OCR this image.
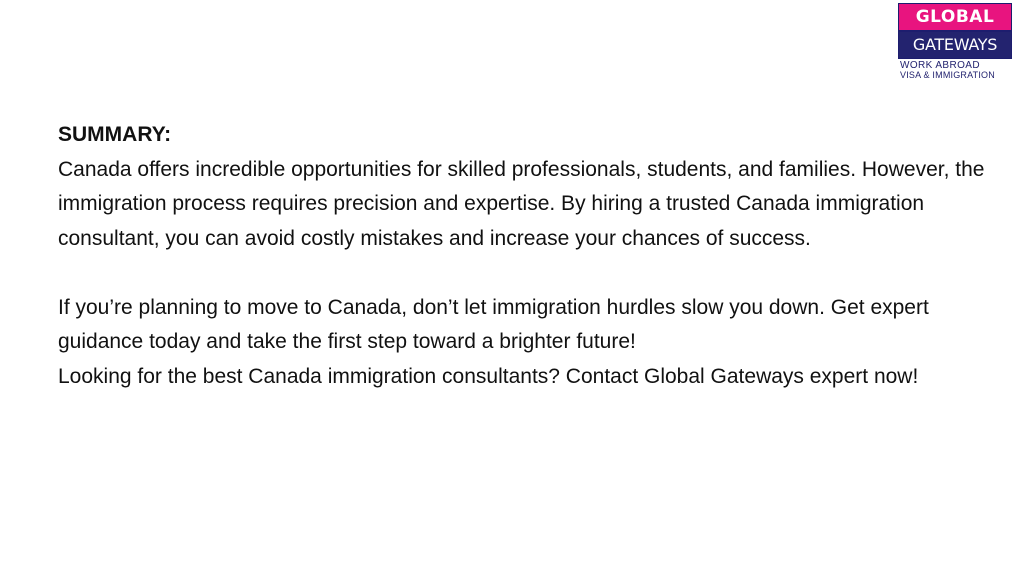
GLOBAL
GATEWAYS
WORK ABROAD
VISA & IMMIGRATION

SUMMARY:

Canada offers incredible opportunities for skilled professionals, students, and families. However, the immigration process requires precision and expertise. By hiring a trusted Canada immigration consultant, you can avoid costly mistakes and increase your chances of success.

If you’re planning to move to Canada, don’t let immigration hurdles slow you down. Get expert guidance today and take the first step toward a brighter future!

Looking for the best Canada immigration consultants? Contact Global Gateways expert now!
